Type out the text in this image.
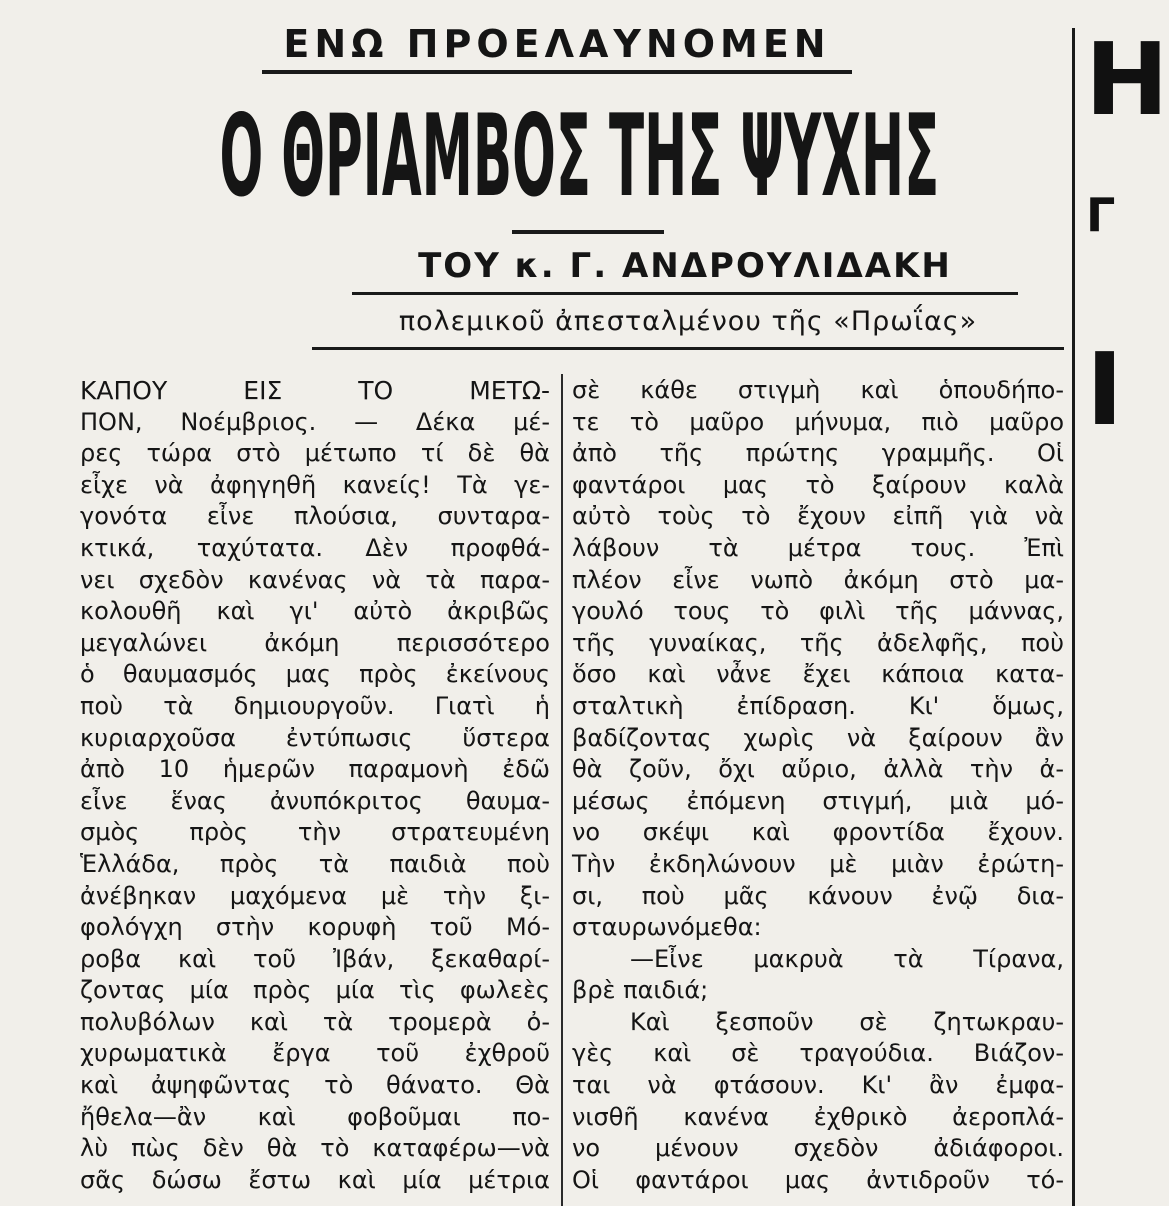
ΕΝΩ ΠΡΟΕΛΑΥΝΟΜΕΝ
Ο ΘΡΙΑΜΒΟΣ ΤΗΣ ΨΥΧΗΣ
ΤΟΥ κ. Γ. ΑΝΔΡΟΥΛΙΔΑΚΗ
πολεμικοῦ ἀπεσταλμένου τῆς «Πρωΐας»
ΚΑΠΟΥ ΕΙΣ ΤΟ ΜΕΤΩ-
ΠΟΝ, Νοέμβριος. — Δέκα μέ-
ρες τώρα στὸ μέτωπο τί δὲ θὰ
εἶχε νὰ ἀφηγηθῆ κανείς! Τὰ γε-
γονότα εἶνε πλούσια, συνταρα-
κτικά, ταχύτατα. Δὲν προφθά-
νει σχεδὸν κανένας νὰ τὰ παρα-
κολουθῆ καὶ γι' αὐτὸ ἀκριβῶς
μεγαλώνει ἀκόμη περισσότερο
ὁ θαυμασμός μας πρὸς ἐκείνους
ποὺ τὰ δημιουργοῦν. Γιατὶ ἡ
κυριαρχοῦσα ἐντύπωσις ὕστερα
ἀπὸ 10 ἡμερῶν παραμονὴ ἐδῶ
εἶνε ἕνας ἀνυπόκριτος θαυμα-
σμὸς πρὸς τὴν στρατευμένη
Ἑλλάδα, πρὸς τὰ παιδιὰ ποὺ
ἀνέβηκαν μαχόμενα μὲ τὴν ξι-
φολόγχη στὴν κορυφὴ τοῦ Μό-
ροβα καὶ τοῦ Ἰβάν, ξεκαθαρί-
ζοντας μία πρὸς μία τὶς φωλεὲς
πολυβόλων καὶ τὰ τρομερὰ ὀ-
χυρωματικὰ ἔργα τοῦ ἐχθροῦ
καὶ ἀψηφῶντας τὸ θάνατο. Θὰ
ἤθελα—ἂν καὶ φοβοῦμαι πο-
λὺ πὼς δὲν θὰ τὸ καταφέρω—νὰ
σᾶς δώσω ἔστω καὶ μία μέτρια
σὲ κάθε στιγμὴ καὶ ὁπουδήπο-
τε τὸ μαῦρο μήνυμα, πιὸ μαῦρο
ἀπὸ τῆς πρώτης γραμμῆς. Οἱ
φαντάροι μας τὸ ξαίρουν καλὰ
αὐτὸ τοὺς τὸ ἔχουν εἰπῆ γιὰ νὰ
λάβουν τὰ μέτρα τους. Ἐπὶ
πλέον εἶνε νωπὸ ἀκόμη στὸ μα-
γουλό τους τὸ φιλὶ τῆς μάννας,
τῆς γυναίκας, τῆς ἀδελφῆς, ποὺ
ὅσο καὶ νἆνε ἔχει κάποια κατα-
σταλτικὴ ἐπίδραση. Κι' ὅμως,
βαδίζοντας χωρὶς νὰ ξαίρουν ἂν
θὰ ζοῦν, ὄχι αὔριο, ἀλλὰ τὴν ἀ-
μέσως ἐπόμενη στιγμή, μιὰ μό-
νο σκέψι καὶ φροντίδα ἔχουν.
Τὴν ἐκδηλώνουν μὲ μιὰν ἐρώτη-
σι, ποὺ μᾶς κάνουν ἐνῷ δια-
σταυρωνόμεθα:
—Εἶνε μακρυὰ τὰ Τίρανα,
βρὲ παιδιά;
Καὶ ξεσποῦν σὲ ζητωκραυ-
γὲς καὶ σὲ τραγούδια. Βιάζον-
ται νὰ φτάσουν. Κι' ἂν ἐμφα-
νισθῆ κανένα ἐχθρικὸ ἀεροπλά-
νο μένουν σχεδὸν ἀδιάφοροι.
Οἱ φαντάροι μας ἀντιδροῦν τό-
Η
Γ
Ι
